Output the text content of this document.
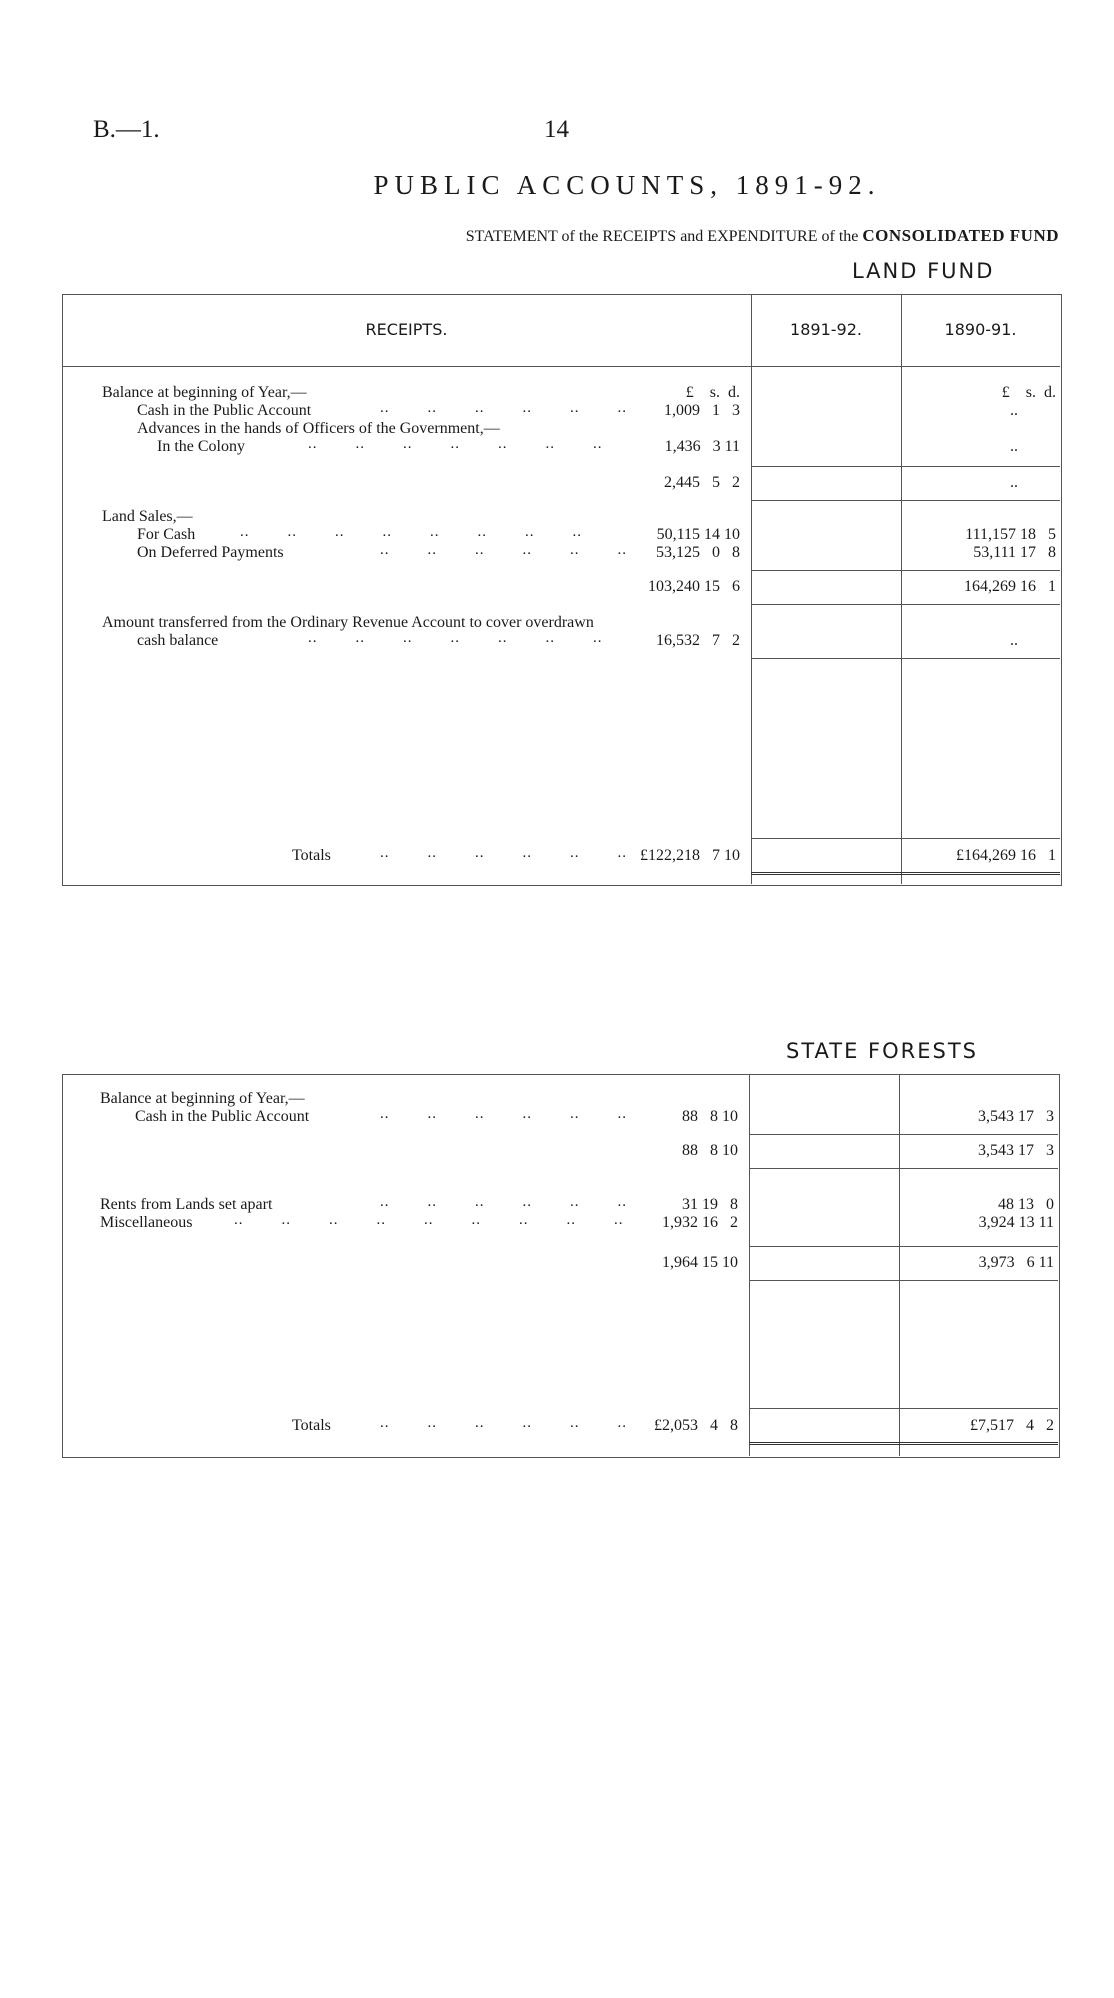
B.—1.	14
PUBLIC ACCOUNTS, 1891-92.
STATEMENT of the RECEIPTS and EXPENDITURE of the CONSOLIDATED FUND
LAND FUND
RECEIPTS.	1891-92.	1890-91.
£    s.  d.	£    s.  d.
Balance at beginning of Year,—
Cash in the Public Account	..        ..        ..        ..        ..        .. 1,009   1   3	..
Advances in the hands of Officers of the Government,—
In the Colony	..        ..        ..        ..        ..        ..        ..	1,436   3 11	..
2,445   5   2	..
Land Sales,—
For Cash	..        ..        ..        ..        ..        ..        ..        ..	50,115 14 10	111,157 18   5
On Deferred Payments	..        ..        ..        ..        ..        .. 53,125   0   8	53,111 17   8
103,240 15   6	164,269 16   1
Amount transferred from the Ordinary Revenue Account to cover overdrawn
cash balance	..        ..        ..        ..        ..        ..        ..	16,532   7   2	..
Totals	..        ..        ..        ..        ..        .. £122,218   7 10	£164,269 16   1
STATE FORESTS
Balance at beginning of Year,—
Cash in the Public Account	..        ..        ..        ..        ..        ..	88   8 10	3,543 17   3
88   8 10	3,543 17   3
Rents from Lands set apart	..        ..        ..        ..        ..        ..	31 19   8	48 13   0
Miscellaneous	..        ..        ..        ..        ..        ..        ..        ..        .. 1,932 16   2	3,924 13 11
1,964 15 10	3,973   6 11
Totals	..        ..        ..        ..        ..        .. £2,053   4   8	£7,517   4   2
